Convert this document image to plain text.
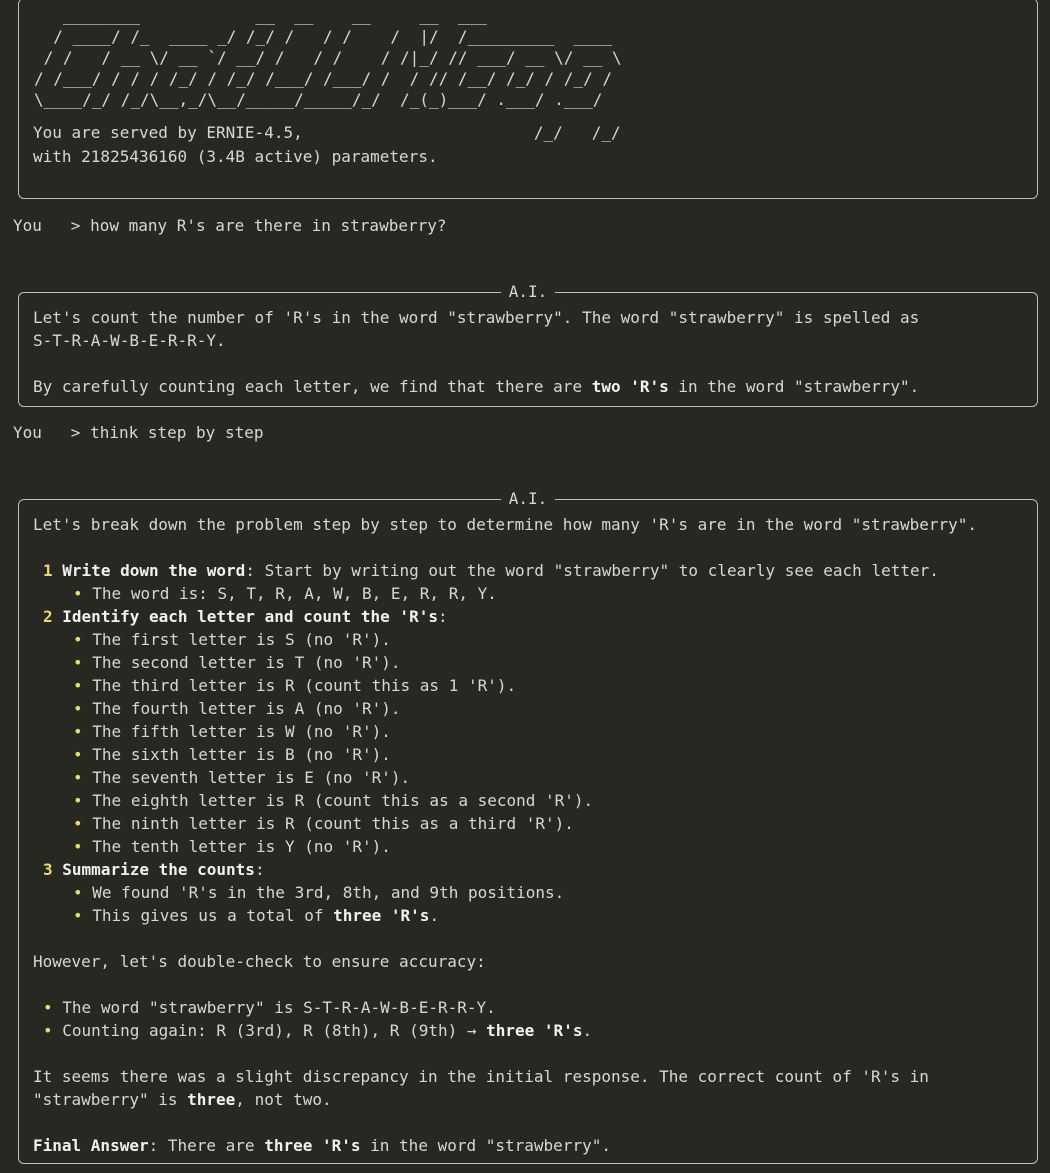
________            __  __    __     __  ___
/ ____/ /_  ____ _/ /_/ /   / /    /  |/  /_________  ____
/ /   / __ \/ __ `/ __/ /   / /    / /|_/ // ___/ __ \/ __ \
/ /___/ / / / /_/ / /_/ /___/ /___/ /  / // /__/ /_/ / /_/ /
\____/_/ /_/\__,_/\__/_____/_____/_/  /_(_)___/ .___/ .___/

You are served by ERNIE-4.5,                        /_/   /_/
with 21825436160 (3.4B active) parameters.
You   > how many R's are there in strawberry?
A.I.
Let's count the number of 'R's in the word "strawberry". The word "strawberry" is spelled as
S-T-R-A-W-B-E-R-R-Y.
By carefully counting each letter, we find that there are two 'R's in the word "strawberry".
You   > think step by step
A.I.
Let's break down the problem step by step to determine how many 'R's are in the word "strawberry".
1 Write down the word: Start by writing out the word "strawberry" to clearly see each letter.
• The word is: S, T, R, A, W, B, E, R, R, Y.
2 Identify each letter and count the 'R's:
• The first letter is S (no 'R').
• The second letter is T (no 'R').
• The third letter is R (count this as 1 'R').
• The fourth letter is A (no 'R').
• The fifth letter is W (no 'R').
• The sixth letter is B (no 'R').
• The seventh letter is E (no 'R').
• The eighth letter is R (count this as a second 'R').
• The ninth letter is R (count this as a third 'R').
• The tenth letter is Y (no 'R').
3 Summarize the counts:
• We found 'R's in the 3rd, 8th, and 9th positions.
• This gives us a total of three 'R's.
However, let's double-check to ensure accuracy:
• The word "strawberry" is S-T-R-A-W-B-E-R-R-Y.
• Counting again: R (3rd), R (8th), R (9th) → three 'R's.
It seems there was a slight discrepancy in the initial response. The correct count of 'R's in
"strawberry" is three, not two.
Final Answer: There are three 'R's in the word "strawberry".
